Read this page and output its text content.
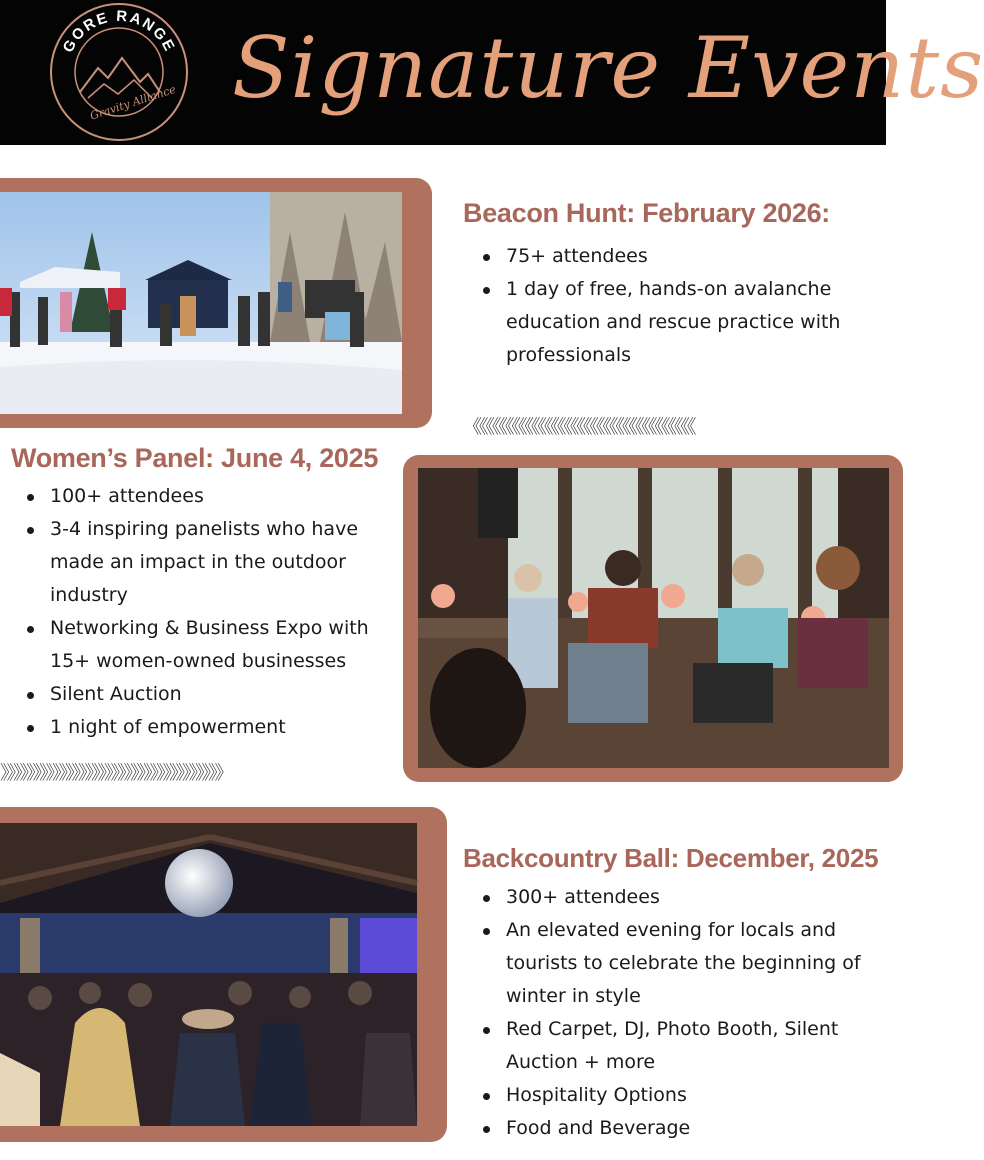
GORE RANGE
Gravity Alliance Signature Events
Beacon Hunt: February 2026:
75+ attendees
1 day of free, hands-on avalanche education and rescue practice with professionals
《《《《《《《《《《《《《《《《《《《《《《《《《《《《《《《《《《
Women’s Panel: June 4, 2025
100+ attendees
3-4 inspiring panelists who have made an impact in the outdoor industry
Networking & Business Expo with 15+ women-owned businesses
Silent Auction
1 night of empowerment
》》》》》》》》》》》》》》》》》》》》》》》》》》》》》》》》》》
Backcountry Ball: December, 2025
300+ attendees
An elevated evening for locals and tourists to celebrate the beginning of winter in style
Red Carpet, DJ, Photo Booth, Silent Auction + more
Hospitality Options
Food and Beverage
